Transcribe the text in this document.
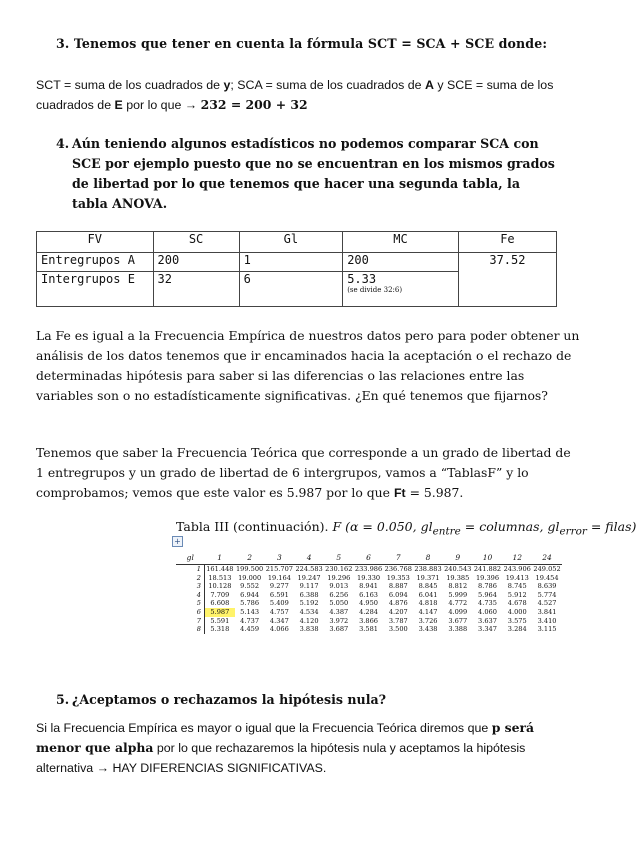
3. Tenemos que tener en cuenta la fórmula SCT = SCA + SCE donde:
SCT = suma de los cuadrados de y; SCA = suma de los cuadrados de A y SCE = suma de los cuadrados de E por lo que → 232 = 200 + 32
4. Aún teniendo algunos estadísticos no podemos comparar SCA con SCE por ejemplo puesto que no se encuentran en los mismos grados de libertad por lo que tenemos que hacer una segunda tabla, la tabla ANOVA.
FV	SC	Gl	MC	Fe
Entregrupos A	200	1	200	37.52
Intergrupos E	32	6	5.33
(se divide 32:6)	
La Fe es igual a la Frecuencia Empírica de nuestros datos pero para poder obtener un análisis de los datos tenemos que ir encaminados hacia la aceptación o el rechazo de determinadas hipótesis para saber si las diferencias o las relaciones entre las variables son o no estadísticamente significativas. ¿En qué tenemos que fijarnos?
Tenemos que saber la Frecuencia Teórica que corresponde a un grado de libertad de 1 entregrupos y un grado de libertad de 6 intergrupos, vamos a “TablasF” y lo comprobamos; vemos que este valor es 5.987 por lo que Ft = 5.987.
Tabla III (continuación). F (α = 0.050, $gl_{entre}$ = columnas, $gl_{error}$ = filas)
+
gl	1	2	3	4	5	6	7	8	9	10	12	24
1	161.448	199.500	215.707	224.583	230.162	233.986	236.768	238.883	240.543	241.882	243.906	249.052
2	18.513	19.000	19.164	19.247	19.296	19.330	19.353	19.371	19.385	19.396	19.413	19.454
3	10.128	9.552	9.277	9.117	9.013	8.941	8.887	8.845	8.812	8.786	8.745	8.639
4	7.709	6.944	6.591	6.388	6.256	6.163	6.094	6.041	5.999	5.964	5.912	5.774
5	6.608	5.786	5.409	5.192	5.050	4.950	4.876	4.818	4.772	4.735	4.678	4.527
6	5.987	5.143	4.757	4.534	4.387	4.284	4.207	4.147	4.099	4.060	4.000	3.841
7	5.591	4.737	4.347	4.120	3.972	3.866	3.787	3.726	3.677	3.637	3.575	3.410
8	5.318	4.459	4.066	3.838	3.687	3.581	3.500	3.438	3.388	3.347	3.284	3.115
5. ¿Aceptamos o rechazamos la hipótesis nula?
Si la Frecuencia Empírica es mayor o igual que la Frecuencia Teórica diremos que p será menor que alpha por lo que rechazaremos la hipótesis nula y aceptamos la hipótesis alternativa → HAY DIFERENCIAS SIGNIFICATIVAS.
